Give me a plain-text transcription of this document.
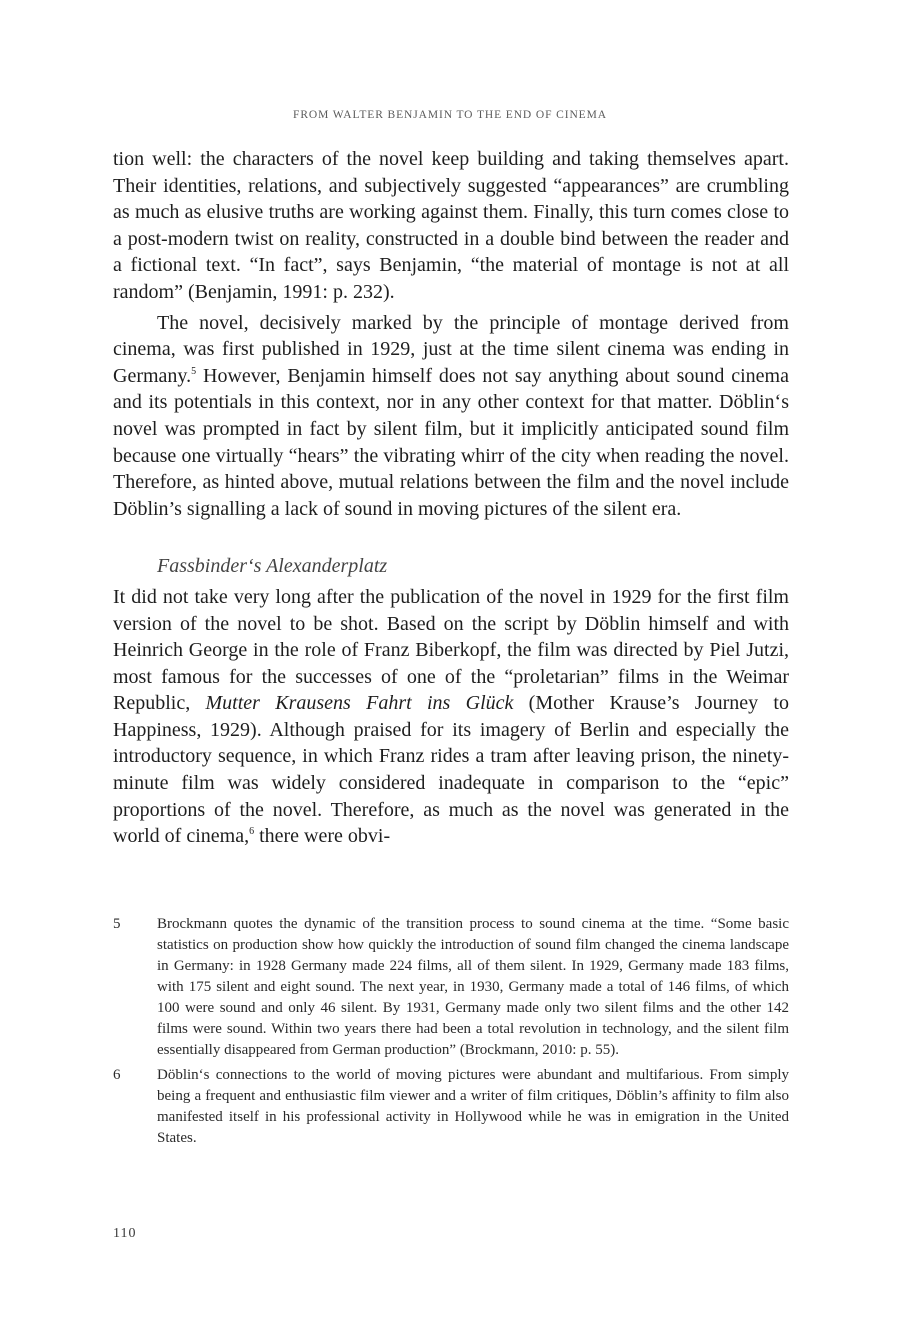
FROM WALTER BENJAMIN TO THE END OF CINEMA

tion well: the characters of the novel keep building and taking themselves apart. Their identities, relations, and subjectively suggested “appearances” are crumbling as much as elusive truths are working against them. Finally, this turn comes close to a post-modern twist on reality, constructed in a double bind between the reader and a fictional text. “In fact”, says Benjamin, “the material of montage is not at all random” (Benjamin, 1991: p. 232).

The novel, decisively marked by the principle of montage derived from cinema, was first published in 1929, just at the time silent cinema was ending in Germany.$^5$ However, Benjamin himself does not say anything about sound cinema and its potentials in this context, nor in any other context for that matter. Döblin‘s novel was prompted in fact by silent film, but it implicitly anticipated sound film because one virtually “hears” the vibrating whirr of the city when reading the novel. Therefore, as hinted above, mutual relations between the film and the novel include Döblin’s signalling a lack of sound in moving pictures of the silent era.

Fassbinder‘s Alexanderplatz

It did not take very long after the publication of the novel in 1929 for the first film version of the novel to be shot. Based on the script by Döblin himself and with Heinrich George in the role of Franz Biberkopf, the film was directed by Piel Jutzi, most famous for the successes of one of the “proletarian” films in the Weimar Republic, Mutter Krausens Fahrt ins Glück (Mother Krause’s Journey to Happiness, 1929). Although praised for its imagery of Berlin and especially the introductory sequence, in which Franz rides a tram after leaving prison, the ninety-minute film was widely considered inadequate in comparison to the “epic” proportions of the novel. Therefore, as much as the novel was generated in the world of cinema,$^6$ there were obvi-

5	Brockmann quotes the dynamic of the transition process to sound cinema at the time. “Some basic statistics on production show how quickly the introduction of sound film changed the cinema landscape in Germany: in 1928 Germany made 224 films, all of them silent. In 1929, Germany made 183 films, with 175 silent and eight sound. The next year, in 1930, Germany made a total of 146 films, of which 100 were sound and only 46 silent. By 1931, Germany made only two silent films and the other 142 films were sound. Within two years there had been a total revolution in technology, and the silent film essentially disappeared from German production” (Brockmann, 2010: p. 55).
6	Döblin‘s connections to the world of moving pictures were abundant and multifarious. From simply being a frequent and enthusiastic film viewer and a writer of film critiques, Döblin’s affinity to film also manifested itself in his professional activity in Hollywood while he was in emigration in the United States.
110
